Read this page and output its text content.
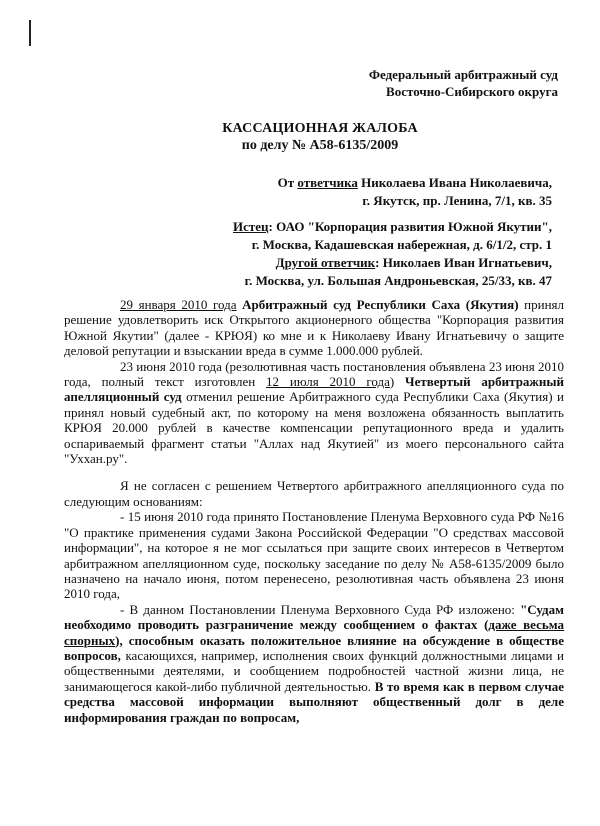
Федеральный арбитражный суд
Восточно-Сибирского округа
КАССАЦИОННАЯ ЖАЛОБА
по делу № А58-6135/2009
От ответчика Николаева Ивана Николаевича,
г. Якутск, пр. Ленина, 7/1, кв. 35
Истец: ОАО "Корпорация развития Южной Якутии",
г. Москва, Кадашевская набережная, д. 6/1/2, стр. 1
Другой ответчик: Николаев Иван Игнатьевич,
г. Москва, ул. Большая Андроньевская, 25/33, кв. 47

29 января 2010 года Арбитражный суд Республики Саха (Якутия) принял решение удовлетворить иск Открытого акционерного общества "Корпорация развития Южной Якутии" (далее - КРЮЯ) ко мне и к Николаеву Ивану Игнатьевичу о защите деловой репутации и взыскании вреда в сумме 1.000.000 рублей.

23 июня 2010 года (резолютивная часть постановления объявлена 23 июня 2010 года, полный текст изготовлен 12 июля 2010 года) Четвертый арбитражный апелляционный суд отменил решение Арбитражного суда Республики Саха (Якутия) и принял новый судебный акт, по которому на меня возложена обязанность выплатить КРЮЯ 20.000 рублей в качестве компенсации репутационного вреда и удалить оспариваемый фрагмент статьи "Аллах над Якутией" из моего персонального сайта "Уххан.ру".

Я не согласен с решением Четвертого арбитражного апелляционного суда по следующим основаниям:

- 15 июня 2010 года принято Постановление Пленума Верховного суда РФ №16 "О практике применения судами Закона Российской Федерации "О средствах массовой информации", на которое я не мог ссылаться при защите своих интересов в Четвертом арбитражном апелляционном суде, поскольку заседание по делу № А58-6135/2009 было назначено на начало июня, потом перенесено, резолютивная часть объявлена 23 июня 2010 года,

- В данном Постановлении Пленума Верховного Суда РФ изложено: "Судам необходимо проводить разграничение между сообщением о фактах (даже весьма спорных), способным оказать положительное влияние на обсуждение в обществе вопросов, касающихся, например, исполнения своих функций должностными лицами и общественными деятелями, и сообщением подробностей частной жизни лица, не занимающегося какой-либо публичной деятельностью. В то время как в первом случае средства массовой информации выполняют общественный долг в деле информирования граждан по вопросам,
